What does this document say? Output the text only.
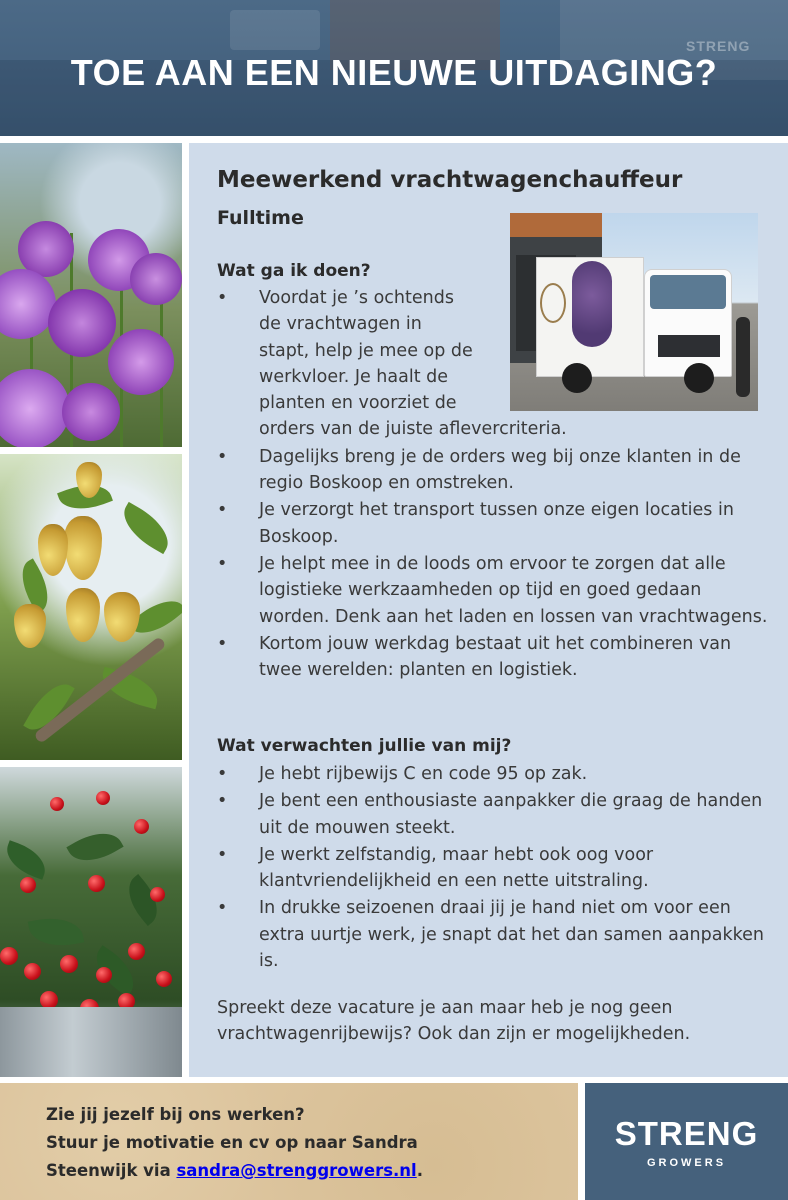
STRENG
TOE AAN EEN NIEUWE UITDAGING?
Meewerkend vrachtwagenchauffeur
Fulltime
Wat ga ik doen?
• Voordat je ’s ochtends
de vrachtwagen in
stapt, help je mee op de
werkvloer. Je haalt de
planten en voorziet de
orders van de juiste aflevercriteria.
• Dagelijks breng je de orders weg bij onze klanten in de regio Boskoop en omstreken.
• Je verzorgt het transport tussen onze eigen locaties in Boskoop.
• Je helpt mee in de loods om ervoor te zorgen dat alle logistieke werkzaamheden op tijd en goed gedaan worden. Denk aan het laden en lossen van vrachtwagens.
• Kortom jouw werkdag bestaat uit het combineren van twee werelden: planten en logistiek.
Wat verwachten jullie van mij?
• Je hebt rijbewijs C en code 95 op zak.
• Je bent een enthousiaste aanpakker die graag de handen uit de mouwen steekt.
• Je werkt zelfstandig, maar hebt ook oog voor klantvriendelijkheid en een nette uitstraling.
• In drukke seizoenen draai jij je hand niet om voor een extra uurtje werk, je snapt dat het dan samen aanpakken is.

Spreekt deze vacature je aan maar heb je nog geen vrachtwagenrijbewijs? Ook dan zijn er mogelijkheden.

Zie jij jezelf bij ons werken?
Stuur je motivatie en cv op naar Sandra
Steenwijk via sandra@strenggrowers.nl.
STRENG
GROWERS
